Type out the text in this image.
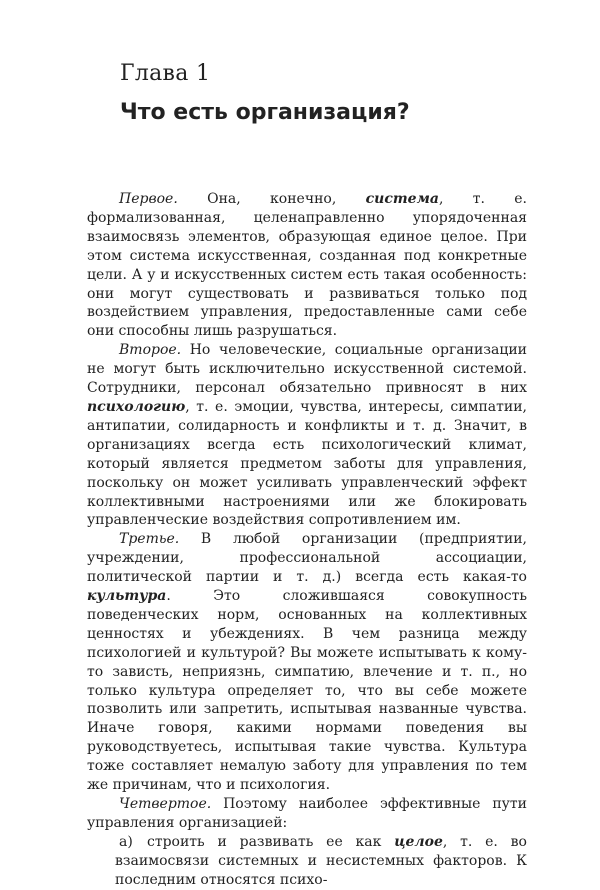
Глава 1
Что есть организация?

Первое. Она, конечно, система, т. е. формализованная, целенаправленно упорядоченная взаимосвязь элементов, образующая единое целое. При этом система искусственная, созданная под конкретные цели. А у и искусственных систем есть такая особенность: они могут существовать и развиваться только под воздействием управления, предоставленные сами себе они способны лишь разрушаться.

Второе. Но человеческие, социальные организации не могут быть исключительно искусственной системой. Сотрудники, персонал обязательно привносят в них психологию, т. е. эмоции, чувства, интересы, симпатии, антипатии, солидарность и конфликты и т. д. Значит, в организациях всегда есть психологический климат, который является предметом заботы для управления, поскольку он может усиливать управленческий эффект коллективными настроениями или же блокировать управленческие воздействия сопротивлением им.

Третье. В любой организации (предприятии, учреждении, профессиональной ассоциации, политической партии и т. д.) всегда есть какая-то культура. Это сложившаяся совокупность поведенческих норм, основанных на коллективных ценностях и убеждениях. В чем разница между психологией и культурой? Вы можете испытывать к кому-то зависть, неприязнь, симпатию, влечение и т. п., но только культура определяет то, что вы себе можете позволить или запретить, испытывая названные чувства. Иначе говоря, какими нормами поведения вы руководствуетесь, испытывая такие чувства. Культура тоже составляет немалую заботу для управления по тем же причинам, что и психология.

Четвертое. Поэтому наиболее эффективные пути управления организацией:

а) строить и развивать ее как целое, т. е. во взаимосвязи системных и несистемных факторов. К последним относятся психо-
